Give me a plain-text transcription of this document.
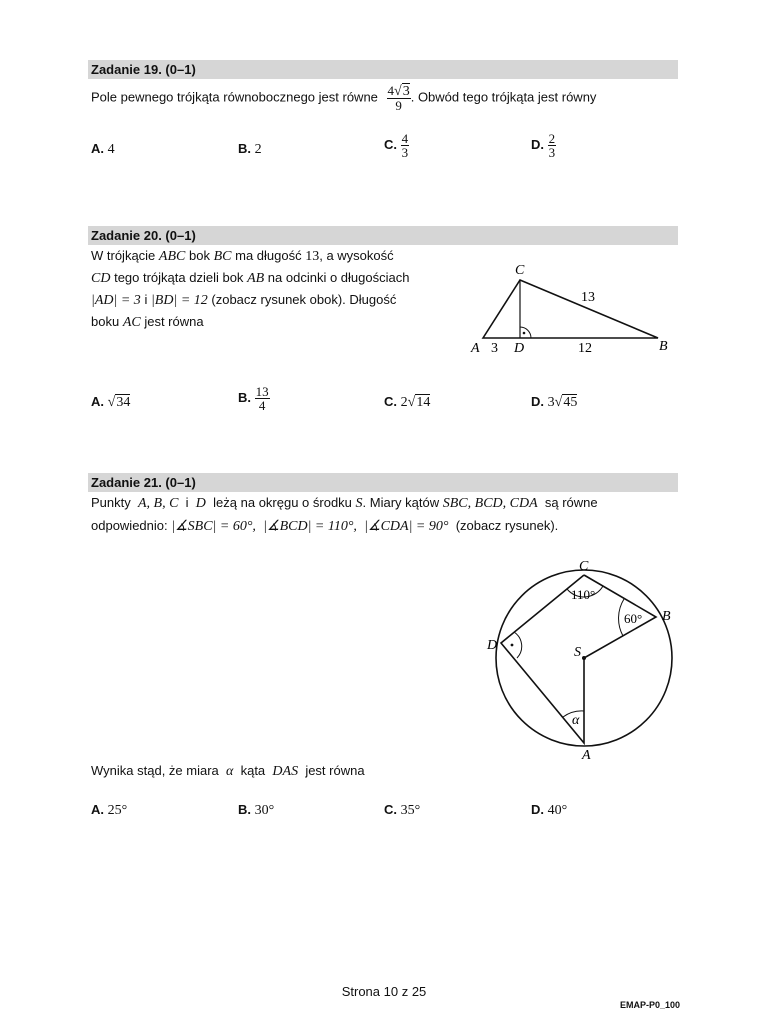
Zadanie 19. (0–1)
Pole pewnego trójkąta równobocznego jest równe $\frac{4√3}{9}$ . Obwód tego trójkąta jest równy
A. 4	B. 2	C. $\frac{4}{3}$	D. $\frac{2}{3}$
Zadanie 20. (0–1)
W trójkącie ABC bok BC ma długość 13, a wysokość
CD tego trójkąta dzieli bok AB na odcinki o długościach
|AD| = 3 i |BD| = 12 (zobacz rysunek obok). Długość
boku AC jest równa
C
A 3 D	12	B
13
A. √34	B. $\frac{13}{4}$	C. 2√14	D. 3√45
Zadanie 21. (0–1)
Punkty A, B, C i D leżą na okręgu o środku S. Miary kątów SBC, BCD, CDA są równe
odpowiednio: |∡SBC| = 60°, |∡BCD| = 110°, |∡CDA| = 90° (zobacz rysunek).
C
B
D	S
A
110°
60°
α
Wynika stąd, że miara α kąta DAS jest równa
A. 25°	B. 30°	C. 35°	D. 40°
Strona 10 z 25
EMAP-P0_100
